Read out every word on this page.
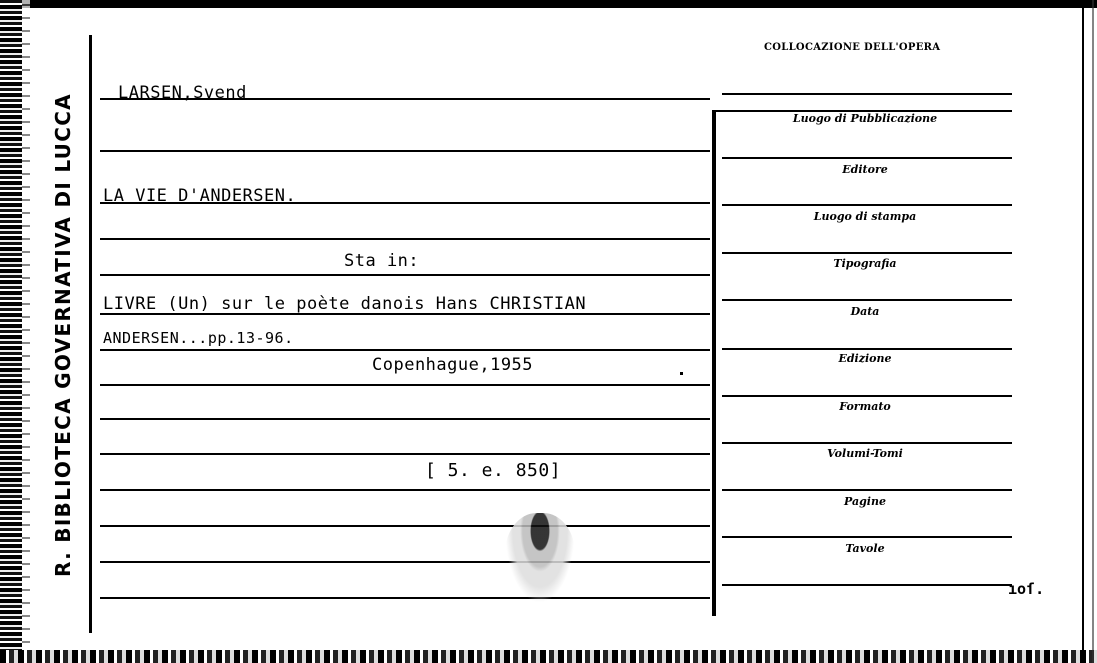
R. BIBLIOTECA GOVERNATIVA DI LUCCA
LARSEN,Svend
LA VIE D'ANDERSEN.
Sta in:
LIVRE (Un) sur le poète danois Hans CHRISTIAN
ANDERSEN...pp.13-96.
Copenhague,1955
[ 5. e. 850]
COLLOCAZIONE DELL'OPERA
Luogo di Pubblicazione
Editore
Luogo di stampa
Tipografia
Data
Edizione
Formato
Volumi-Tomi
Pagine
Tavole
ıoſ.
